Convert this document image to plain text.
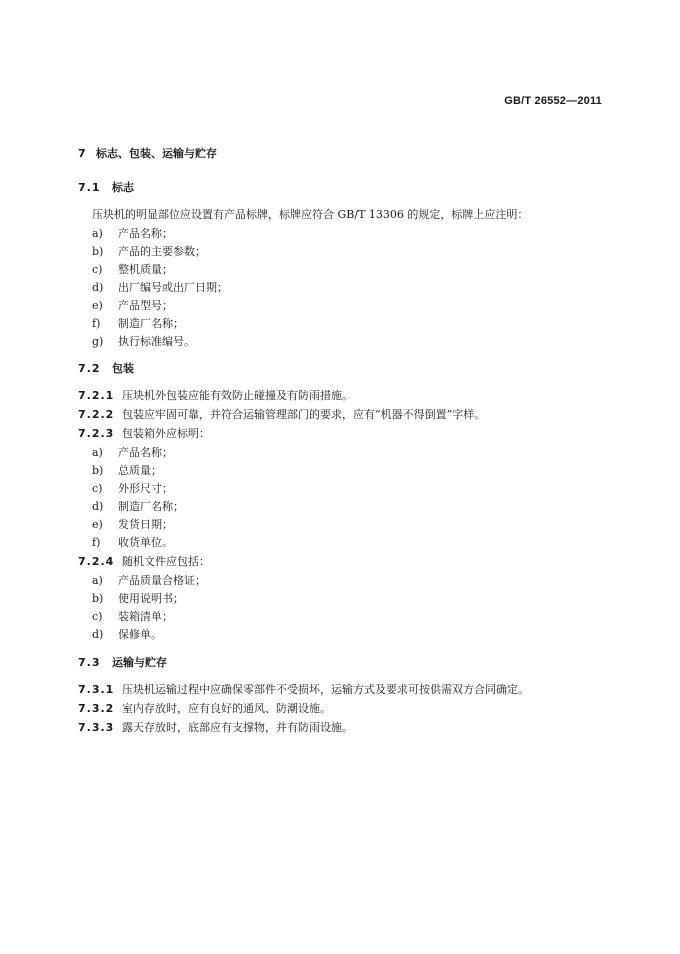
GB/T 26552—2011
7 标志、包装、运输与贮存
7.1 标志
压块机的明显部位应设置有产品标牌，标牌应符合 GB/T 13306 的规定，标牌上应注明：
a) 产品名称；
b) 产品的主要参数；
c) 整机质量；
d) 出厂编号或出厂日期；
e) 产品型号；
f) 制造厂名称；
g) 执行标准编号。
7.2 包装
7.2.1 压块机外包装应能有效防止碰撞及有防雨措施。
7.2.2 包装应牢固可靠，并符合运输管理部门的要求，应有“机器不得倒置”字样。
7.2.3 包装箱外应标明：
a) 产品名称；
b) 总质量；
c) 外形尺寸；
d) 制造厂名称；
e) 发货日期；
f) 收货单位。
7.2.4 随机文件应包括：
a) 产品质量合格证；
b) 使用说明书；
c) 装箱清单；
d) 保修单。
7.3 运输与贮存
7.3.1 压块机运输过程中应确保零部件不受损坏，运输方式及要求可按供需双方合同确定。
7.3.2 室内存放时，应有良好的通风、防潮设施。
7.3.3 露天存放时，底部应有支撑物，并有防雨设施。
